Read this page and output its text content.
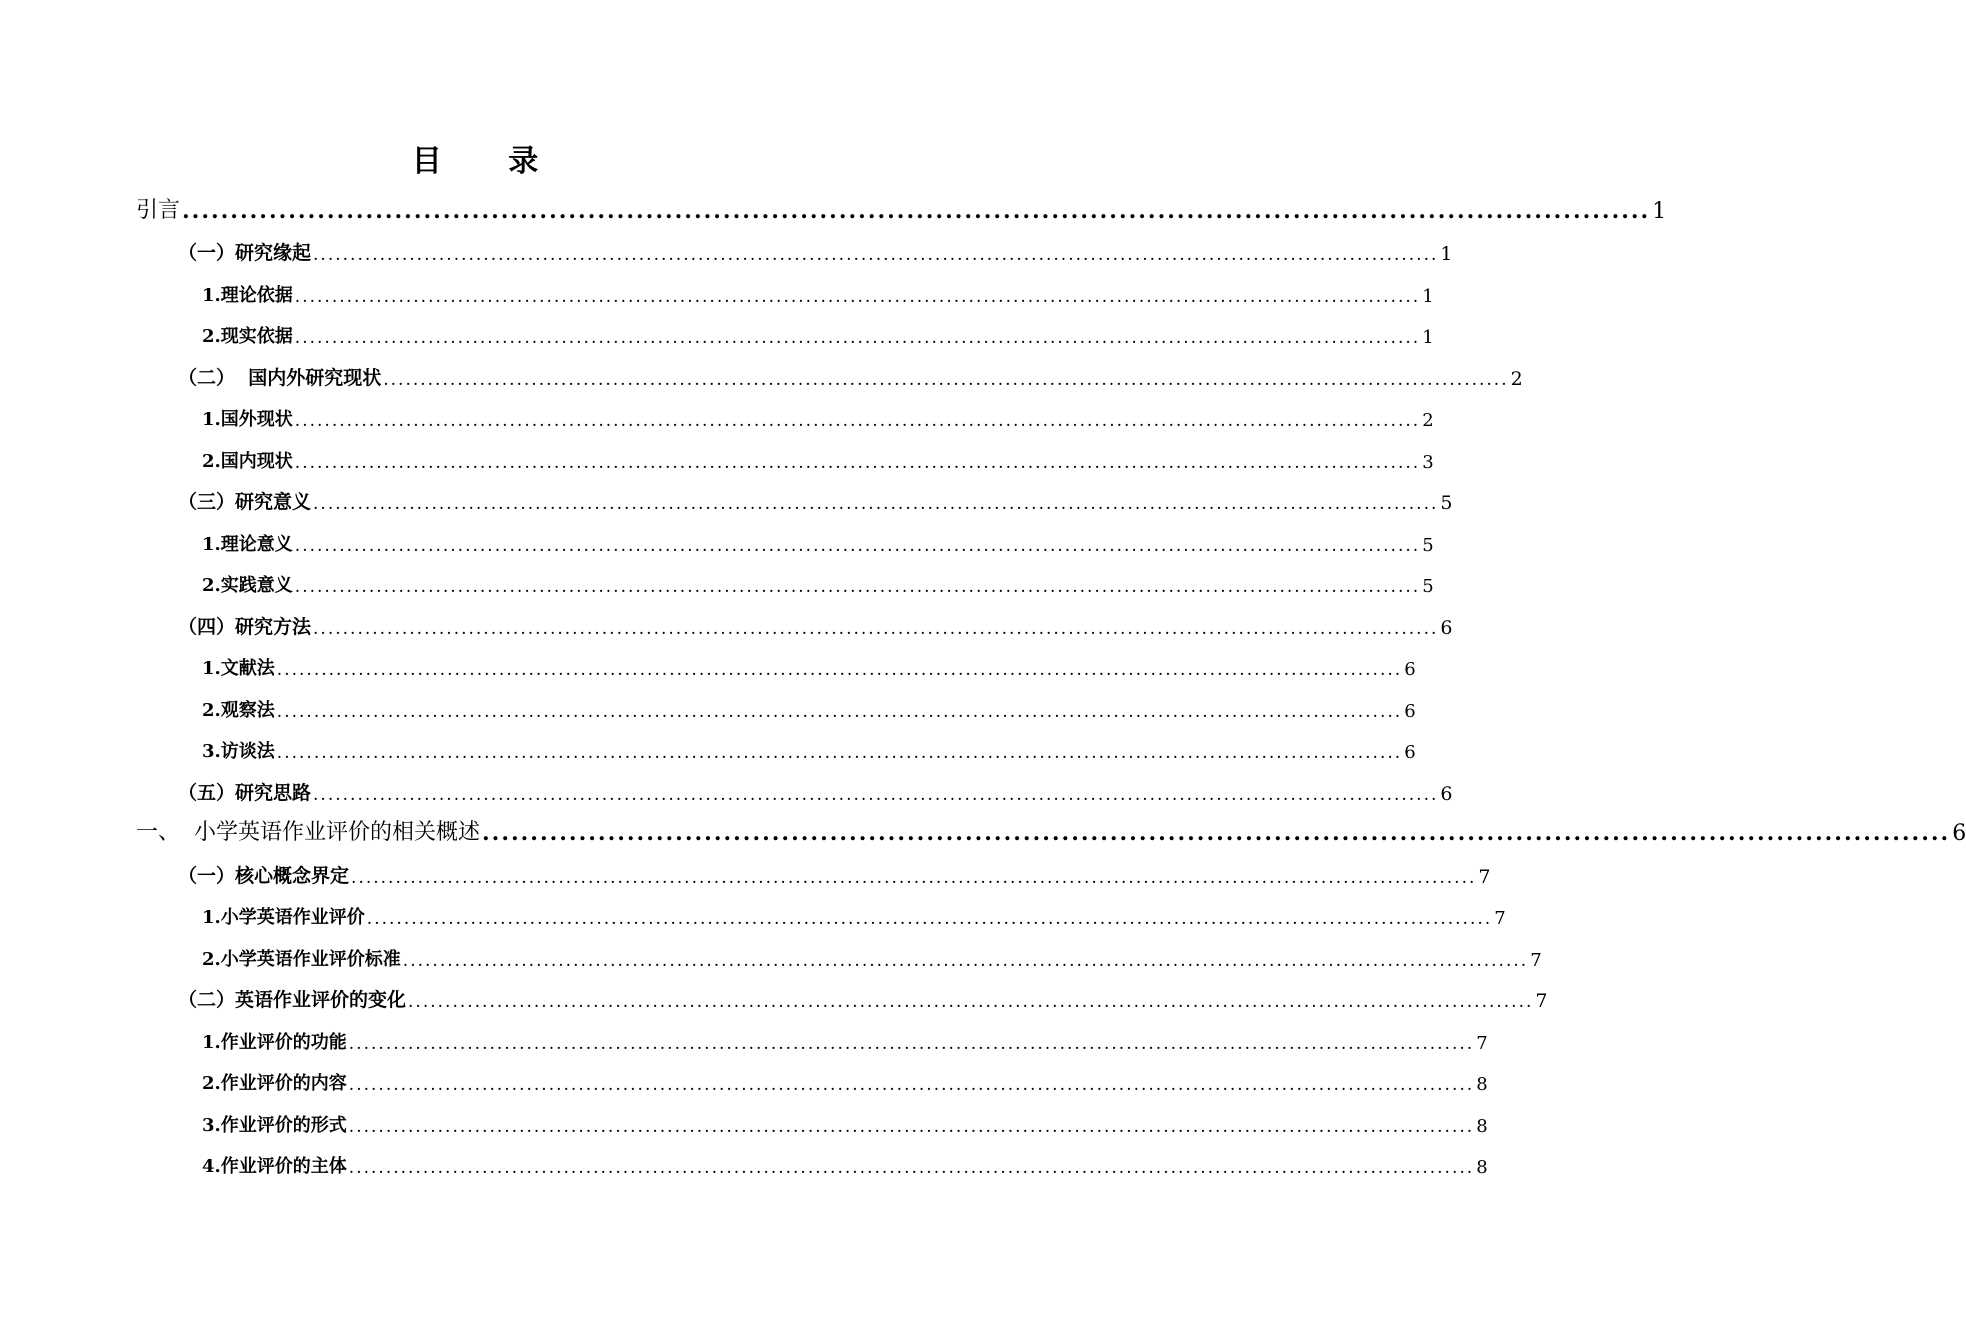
目 录
引言 ........................................................................................................................................................ 1
（一）研究缘起 ........................................................................................................................................................ 1
1.理论依据 ........................................................................................................................................................ 1
2.现实依据 ........................................................................................................................................................ 1
（二）  国内外研究现状 ........................................................................................................................................................ 2
1.国外现状 ........................................................................................................................................................ 2
2.国内现状 ........................................................................................................................................................ 3
（三）研究意义 ........................................................................................................................................................ 5
1.理论意义 ........................................................................................................................................................ 5
2.实践意义 ........................................................................................................................................................ 5
（四）研究方法 ........................................................................................................................................................ 6
1.文献法 ........................................................................................................................................................ 6
2.观察法 ........................................................................................................................................................ 6
3.访谈法 ........................................................................................................................................................ 6
（五）研究思路 ........................................................................................................................................................ 6
一、  小学英语作业评价的相关概述 ........................................................................................................................................................ 6
（一）核心概念界定 ........................................................................................................................................................ 7
1.小学英语作业评价 ........................................................................................................................................................ 7
2.小学英语作业评价标准 ........................................................................................................................................................ 7
（二）英语作业评价的变化 ........................................................................................................................................................ 7
1.作业评价的功能 ........................................................................................................................................................ 7
2.作业评价的内容 ........................................................................................................................................................ 8
3.作业评价的形式 ........................................................................................................................................................ 8
4.作业评价的主体 ........................................................................................................................................................ 8
